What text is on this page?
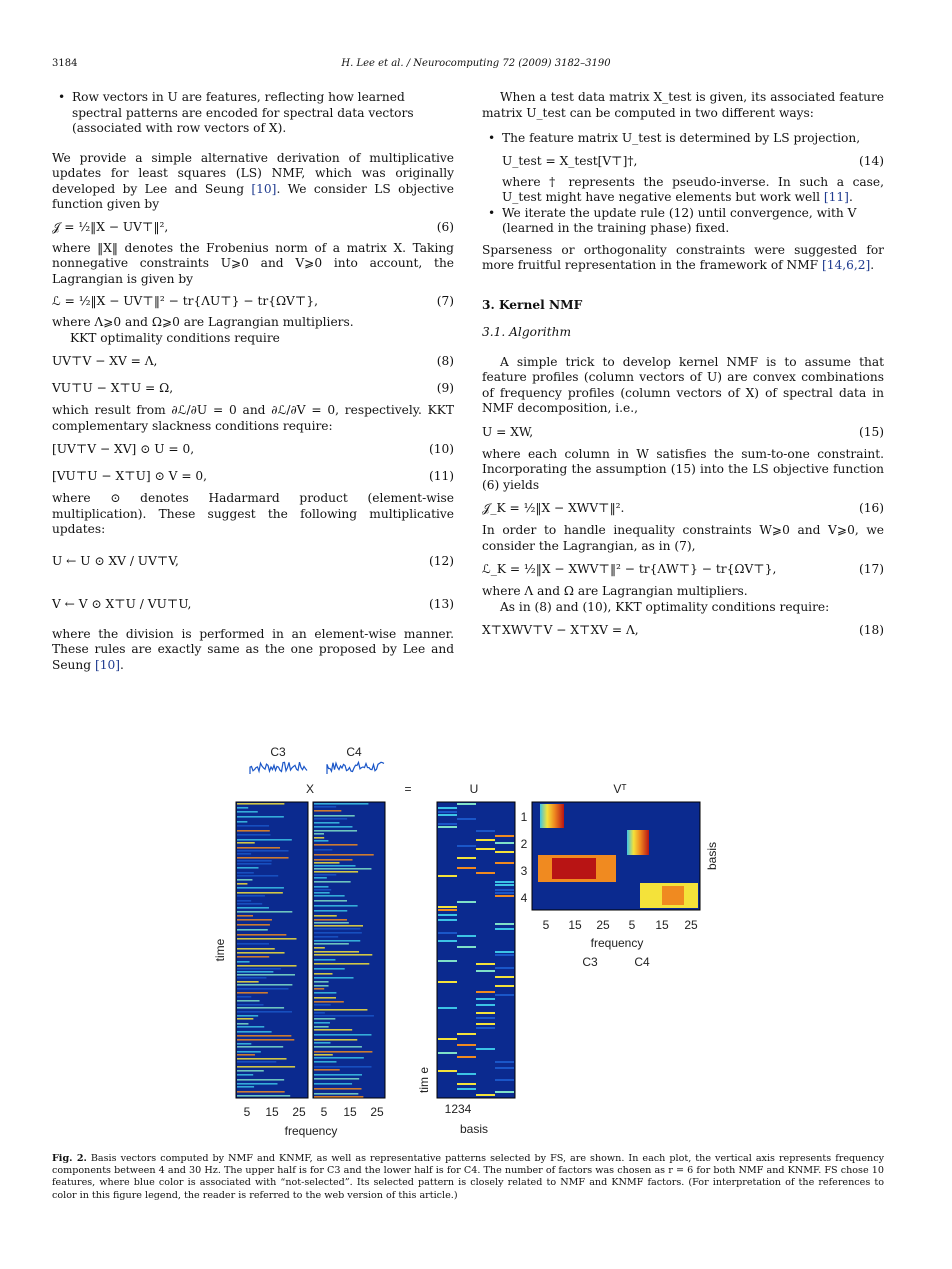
3184	H. Lee et al. / Neurocomputing 72 (2009) 3182–3190

• Row vectors in U are features, reflecting how learned spectral patterns are encoded for spectral data vectors (associated with row vectors of X).

We provide a simple alternative derivation of multiplicative updates for least squares (LS) NMF, which was originally developed by Lee and Seung [10]. We consider LS objective function given by

𝒥 = ½‖X − UV⊤‖²,	(6)

where ‖X‖ denotes the Frobenius norm of a matrix X. Taking nonnegative constraints U⩾0 and V⩾0 into account, the Lagrangian is given by

ℒ = ½‖X − UV⊤‖² − tr{ΛU⊤} − tr{ΩV⊤},	(7)

where Λ⩾0 and Ω⩾0 are Lagrangian multipliers.

KKT optimality conditions require

UV⊤V − XV = Λ,	(8)
VU⊤U − X⊤U = Ω,	(9)

which result from ∂ℒ/∂U = 0 and ∂ℒ/∂V = 0, respectively. KKT complementary slackness conditions require:

[UV⊤V − XV] ⊙ U = 0,	(10)
[VU⊤U − X⊤U] ⊙ V = 0,	(11)

where ⊙ denotes Hadarmard product (element-wise multiplication). These suggest the following multiplicative updates:

U ← U ⊙ XV / UV⊤V,	(12)
V ← V ⊙ X⊤U / VU⊤U,	(13)

where the division is performed in an element-wise manner. These rules are exactly same as the one proposed by Lee and Seung [10].

When a test data matrix X_test is given, its associated feature matrix U_test can be computed in two different ways:

• The feature matrix U_test is determined by LS projection,

U_test = X_test[V⊤]†,	(14)

where † represents the pseudo-inverse. In such a case, U_test might have negative elements but work well [11].

• We iterate the update rule (12) until convergence, with V (learned in the training phase) fixed.

Sparseness or orthogonality constraints were suggested for more fruitful representation in the framework of NMF [14,6,2].

3. Kernel NMF
3.1. Algorithm

A simple trick to develop kernel NMF is to assume that feature profiles (column vectors of U) are convex combinations of frequency profiles (column vectors of X) of spectral data in NMF decomposition, i.e.,

U = XW,	(15)

where each column in W satisfies the sum-to-one constraint. Incorporating the assumption (15) into the LS objective function (6) yields

𝒥_K = ½‖X − XWV⊤‖².	(16)

In order to handle inequality constraints W⩾0 and V⩾0, we consider the Lagrangian, as in (7),

ℒ_K = ½‖X − XWV⊤‖² − tr{ΛW⊤} − tr{ΩV⊤},	(17)

where Λ and Ω are Lagrangian multipliers.

As in (8) and (10), KKT optimality conditions require:

X⊤XWV⊤V − X⊤XV = Λ,	(18)
C3	C4
X	=	U	Vᵀ
time
5 15 25 5 15 25
frequency
tim e
1234
basis
1
2
3
4
basis
5 15 25 5 15 25
frequency
C3	C4
Fig. 2. Basis vectors computed by NMF and KNMF, as well as representative patterns selected by FS, are shown. In each plot, the vertical axis represents frequency components between 4 and 30 Hz. The upper half is for C3 and the lower half is for C4. The number of factors was chosen as r = 6 for both NMF and KNMF. FS chose 10 features, where blue color is associated with “not-selected”. Its selected pattern is closely related to NMF and KNMF factors. (For interpretation of the references to color in this figure legend, the reader is referred to the web version of this article.)
